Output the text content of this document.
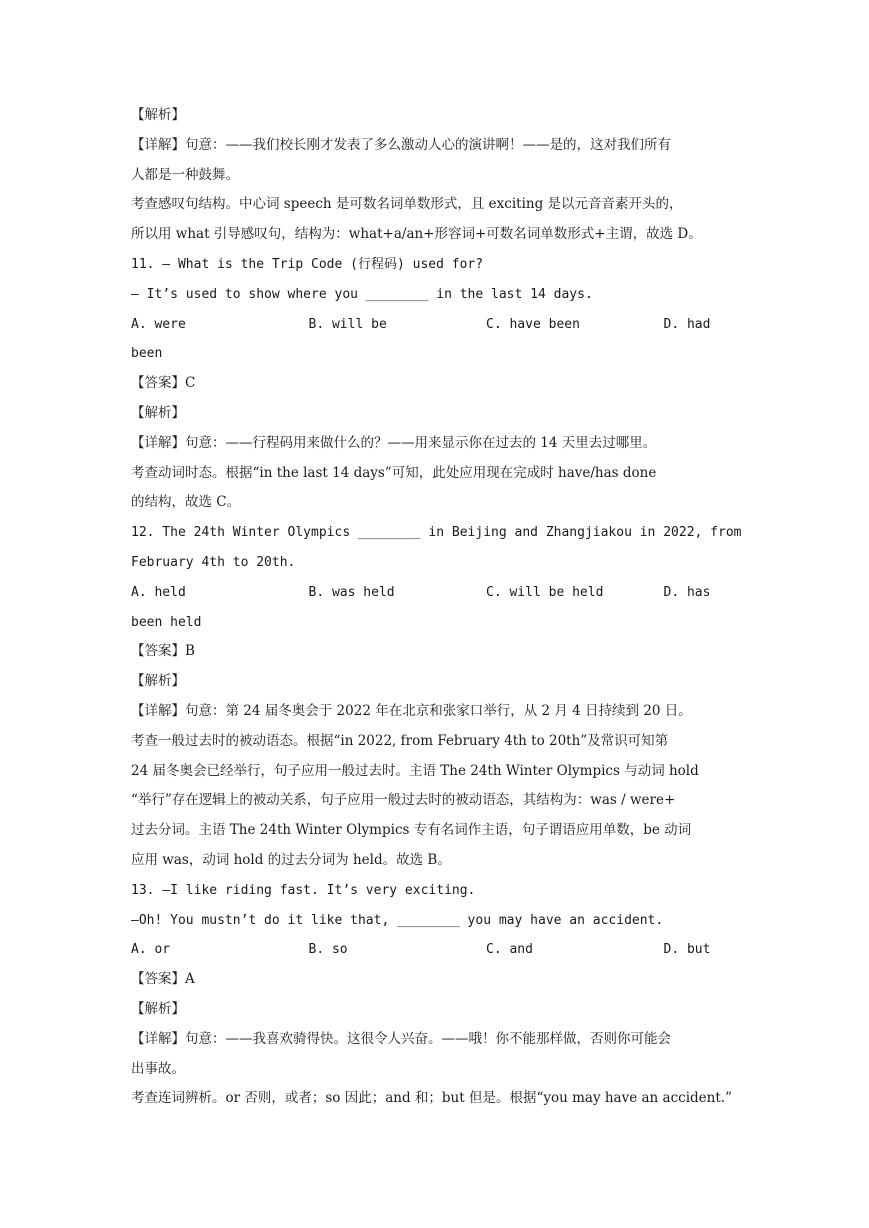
【解析】
【详解】句意：——我们校长刚才发表了多么激动人心的演讲啊！——是的，这对我们所有
人都是一种鼓舞。
考查感叹句结构。中心词 speech 是可数名词单数形式，且 exciting 是以元音音素开头的，
所以用 what 引导感叹句，结构为：what+a/an+形容词+可数名词单数形式+主谓，故选 D。
11. — What is the Trip Code (行程码) used for?
— It’s used to show where you ________ in the last 14 days.
A. were	B. will be	C. have been	D. had
been
【答案】C
【解析】
【详解】句意：——行程码用来做什么的？——用来显示你在过去的 14 天里去过哪里。
考查动词时态。根据“in the last 14 days”可知，此处应用现在完成时 have/has done
的结构，故选 C。
12. The 24th Winter Olympics ________ in Beijing and Zhangjiakou in 2022, from
February 4th to 20th.
A. held	B. was held	C. will be held	D. has
been held
【答案】B
【解析】
【详解】句意：第 24 届冬奥会于 2022 年在北京和张家口举行，从 2 月 4 日持续到 20 日。
考查一般过去时的被动语态。根据“in 2022, from February 4th to 20th”及常识可知第
24 届冬奥会已经举行，句子应用一般过去时。主语 The 24th Winter Olympics 与动词 hold
“举行”存在逻辑上的被动关系，句子应用一般过去时的被动语态，其结构为：was / were+
过去分词。主语 The 24th Winter Olympics 专有名词作主语，句子谓语应用单数，be 动词
应用 was，动词 hold 的过去分词为 held。故选 B。
13. —I like riding fast. It’s very exciting.
—Oh! You mustn’t do it like that, ________ you may have an accident.
A. or	B. so	C. and	D. but
【答案】A
【解析】
【详解】句意：——我喜欢骑得快。这很令人兴奋。——哦！你不能那样做，否则你可能会
出事故。
考查连词辨析。or 否则，或者；so 因此；and 和；but 但是。根据“you may have an accident.”
